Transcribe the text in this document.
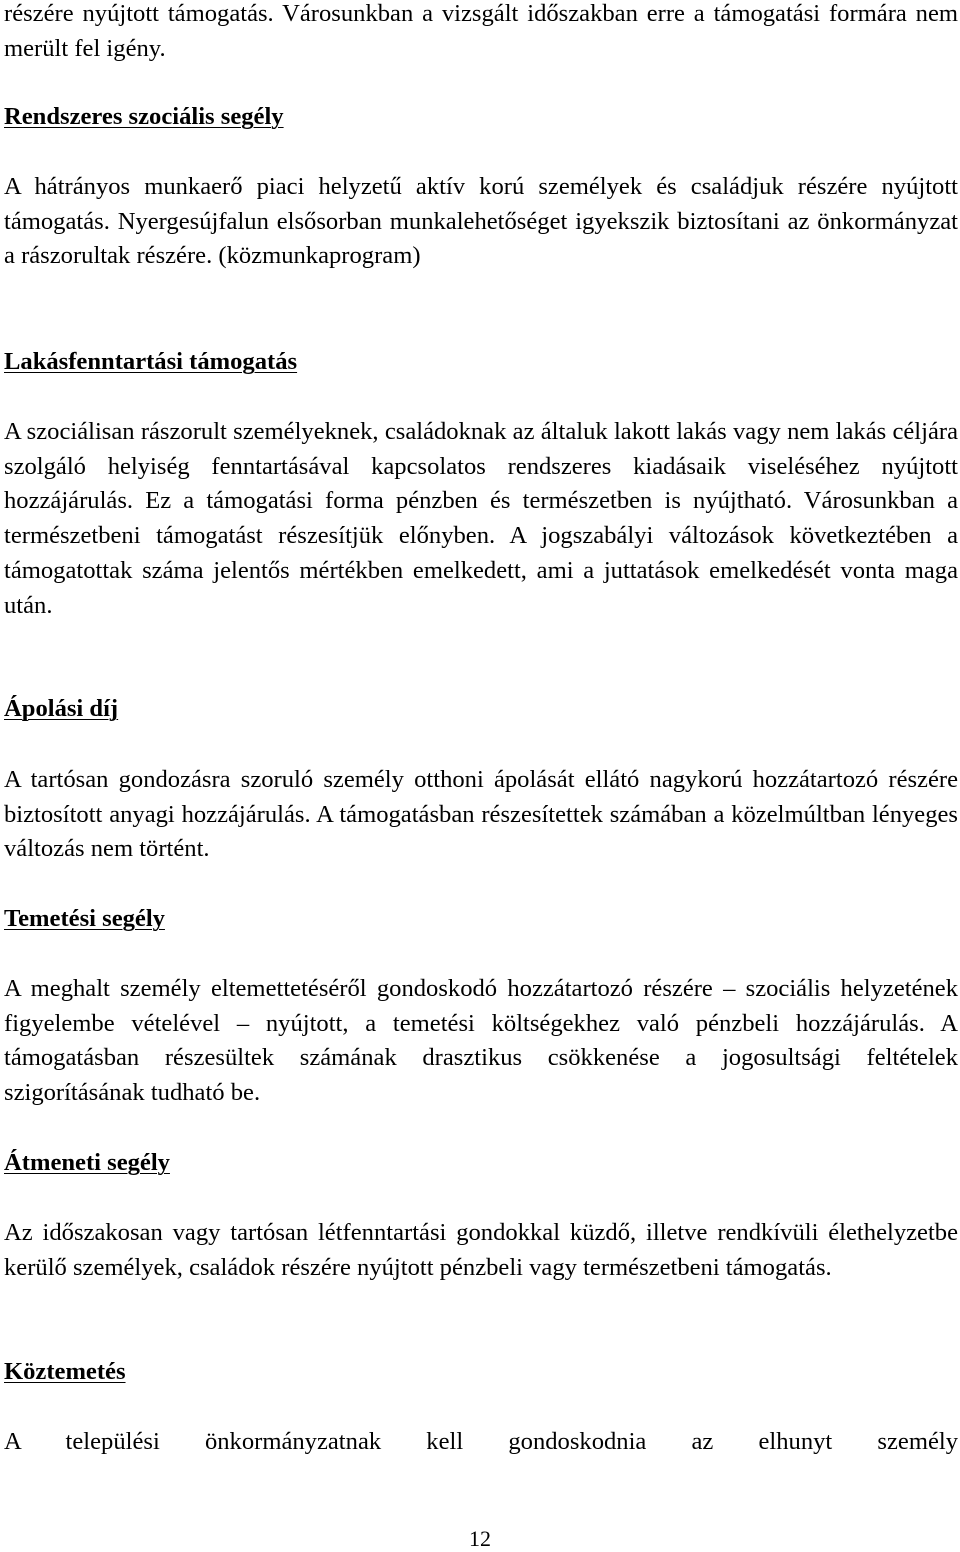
részére nyújtott támogatás. Városunkban a vizsgált időszakban erre a támogatási formára nem merült fel igény.

Rendszeres szociális segély

A hátrányos munkaerő piaci helyzetű aktív korú személyek és családjuk részére nyújtott támogatás. Nyergesújfalun elsősorban munkalehetőséget igyekszik biztosítani az önkormányzat a rászorultak részére. (közmunkaprogram)

Lakásfenntartási támogatás

A szociálisan rászorult személyeknek, családoknak az általuk lakott lakás vagy nem lakás céljára szolgáló helyiség fenntartásával kapcsolatos rendszeres kiadásaik viseléséhez nyújtott hozzájárulás. Ez a támogatási forma pénzben és természetben is nyújtható. Városunkban a természetbeni támogatást részesítjük előnyben. A jogszabályi változások következtében a támogatottak száma jelentős mértékben emelkedett, ami a juttatások emelkedését vonta maga után.

Ápolási díj

A tartósan gondozásra szoruló személy otthoni ápolását ellátó nagykorú hozzátartozó részére biztosított anyagi hozzájárulás. A támogatásban részesítettek számában a közelmúltban lényeges változás nem történt.

Temetési segély

A meghalt személy eltemettetéséről gondoskodó hozzátartozó részére – szociális helyzetének figyelembe vételével – nyújtott, a temetési költségekhez való pénzbeli hozzájárulás. A támogatásban részesültek számának drasztikus csökkenése a jogosultsági feltételek szigorításának tudható be.

Átmeneti segély

Az időszakosan vagy tartósan létfenntartási gondokkal küzdő, illetve rendkívüli élethelyzetbe kerülő személyek, családok részére nyújtott pénzbeli vagy természetbeni támogatás.

Köztemetés

A települési önkormányzatnak kell gondoskodnia az elhunyt személy

12
